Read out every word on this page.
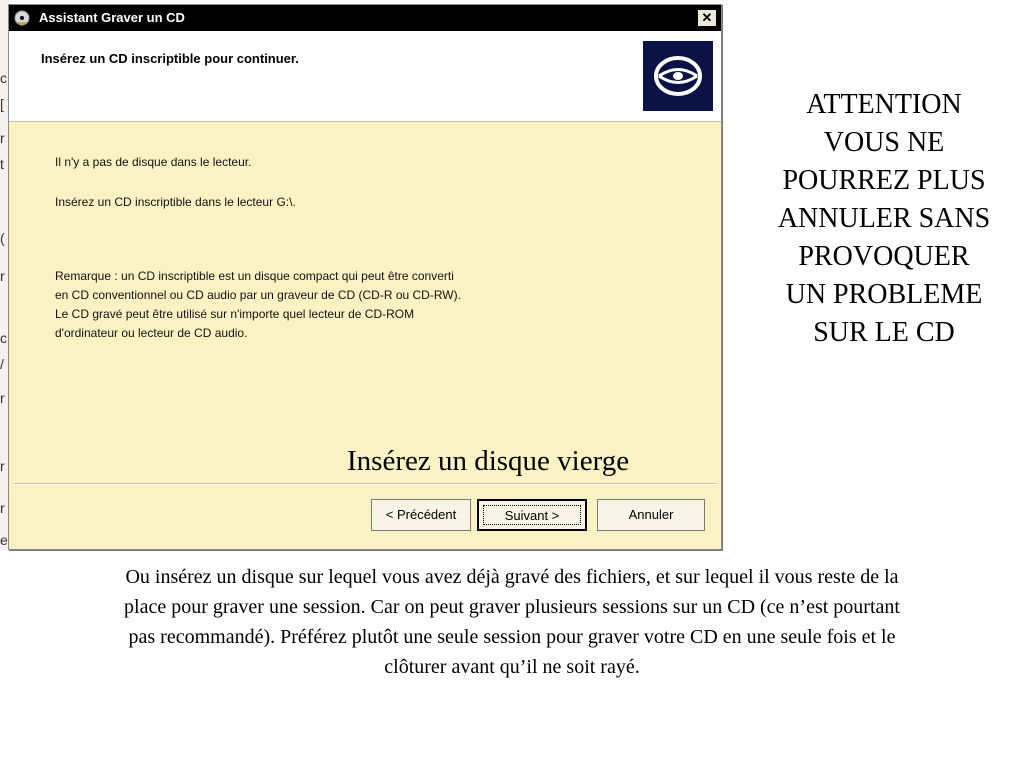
c
[
r
t
(
r
c
/
r
r
r
e
Assistant Graver un CD	✕
Insérez un CD inscriptible pour continuer.
Il n'y a pas de disque dans le lecteur.
Insérez un CD inscriptible dans le lecteur G:\.
Remarque : un CD inscriptible est un disque compact qui peut être converti
en CD conventionnel ou CD audio par un graveur de CD (CD-R ou CD-RW).
Le CD gravé peut être utilisé sur n'importe quel lecteur de CD-ROM
d'ordinateur ou lecteur de CD audio.
Insérez un disque vierge
< Précédent	Suivant >	Annuler
ATTENTION
VOUS NE
POURREZ PLUS
ANNULER SANS
PROVOQUER
UN PROBLEME
SUR LE CD
Ou insérez un disque sur lequel vous avez déjà gravé des fichiers, et sur lequel il vous reste de la
place pour graver une session. Car on peut graver plusieurs sessions sur un CD (ce n’est pourtant
pas recommandé). Préférez plutôt une seule session pour graver votre CD en une seule fois et le
clôturer avant qu’il ne soit rayé.
